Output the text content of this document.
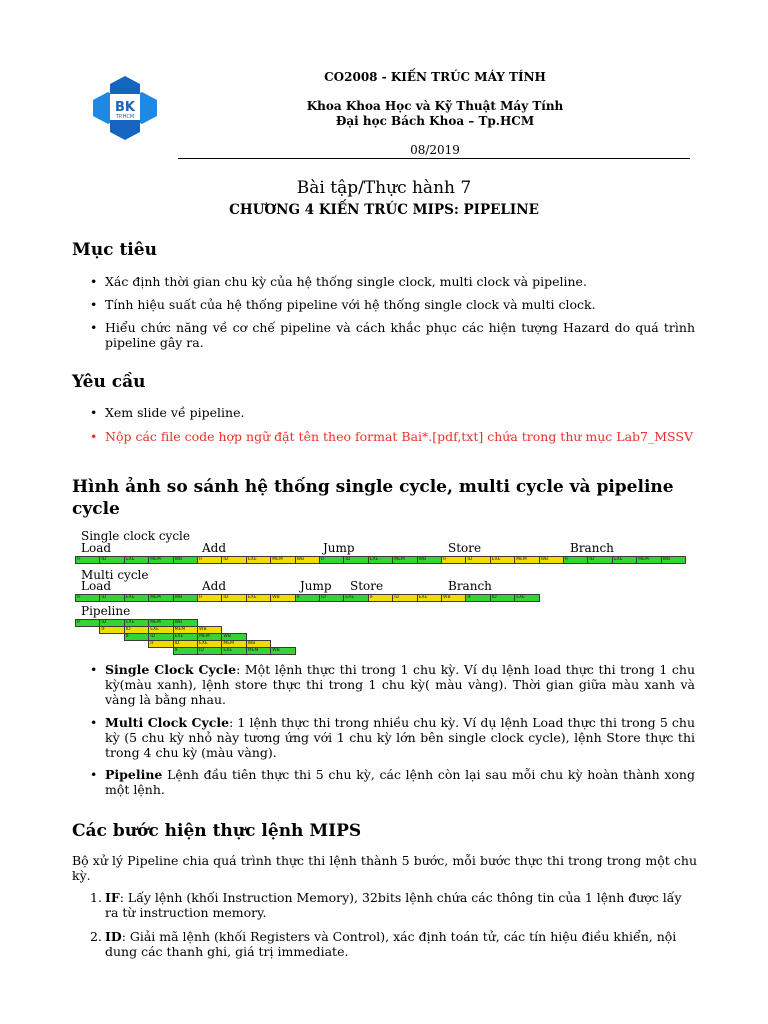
BK
TP.HCM
CO2008 - KIẾN TRÚC MÁY TÍNH
Khoa Khoa Học và Kỹ Thuật Máy Tính
Đại học Bách Khoa – Tp.HCM
08/2019
Bài tập/Thực hành 7
CHƯƠNG 4 KIẾN TRÚC MIPS: PIPELINE
Mục tiêu
• Xác định thời gian chu kỳ của hệ thống single clock, multi clock và pipeline.
• Tính hiệu suất của hệ thống pipeline với hệ thống single clock và multi clock.
• Hiểu chức năng về cơ chế pipeline và cách khắc phục các hiện tượng Hazard do quá trình pipeline gây ra.
Yêu cầu
• Xem slide về pipeline.
• Nộp các file code hợp ngữ đặt tên theo format Bai*.[pdf,txt] chứa trong thư mục Lab7_MSSV
Hình ảnh so sánh hệ thống single cycle, multi cycle và pipeline cycle
Single clock cycle
Load	Add	Jump	Store	Branch
IF	ID	EXE	MEM	WB	IF	ID	EXE	MEM	WB	IF	ID	EXE	MEM	WB	IF	ID	EXE	MEM	WB	IF	ID	EXE	MEM	WB
Multi cycle
Load	Add	Jump Store	Branch
IF	ID	EXE	MEM	WB	IF	ID	EXE	WB	IF	ID	EXE	IF	ID	EXE	WB	IF	ID	EXE
Pipeline
IF	ID	EXE	MEM	WB
IF	ID	EXE	MEM	WB
IF	ID	EXE	MEM	WB
IF	ID	EXE	MEM	WB
IF	ID	EXE	MEM	WB
• Single Clock Cycle: Một lệnh thực thi trong 1 chu kỳ. Ví dụ lệnh load thực thi trong 1 chu kỳ(màu xanh), lệnh store thực thi trong 1 chu kỳ( màu vàng). Thời gian giữa màu xanh và vàng là bằng nhau.
• Multi Clock Cycle: 1 lệnh thực thi trong nhiều chu kỳ. Ví dụ lệnh Load thực thi trong 5 chu kỳ (5 chu kỳ nhỏ này tương ứng với 1 chu kỳ lớn bên single clock cycle), lệnh Store thực thi trong 4 chu kỳ (màu vàng).
• Pipeline Lệnh đầu tiên thực thi 5 chu kỳ, các lệnh còn lại sau mỗi chu kỳ hoàn thành xong một lệnh.
Các bước hiện thực lệnh MIPS
Bộ xử lý Pipeline chia quá trình thực thi lệnh thành 5 bước, mỗi bước thực thi trong trong một chu kỳ.
1. IF: Lấy lệnh (khối Instruction Memory), 32bits lệnh chứa các thông tin của 1 lệnh được lấy ra từ instruction memory.
2. ID: Giải mã lệnh (khối Registers và Control), xác định toán tử, các tín hiệu điều khiển, nội dung các thanh ghi, giá trị immediate.
